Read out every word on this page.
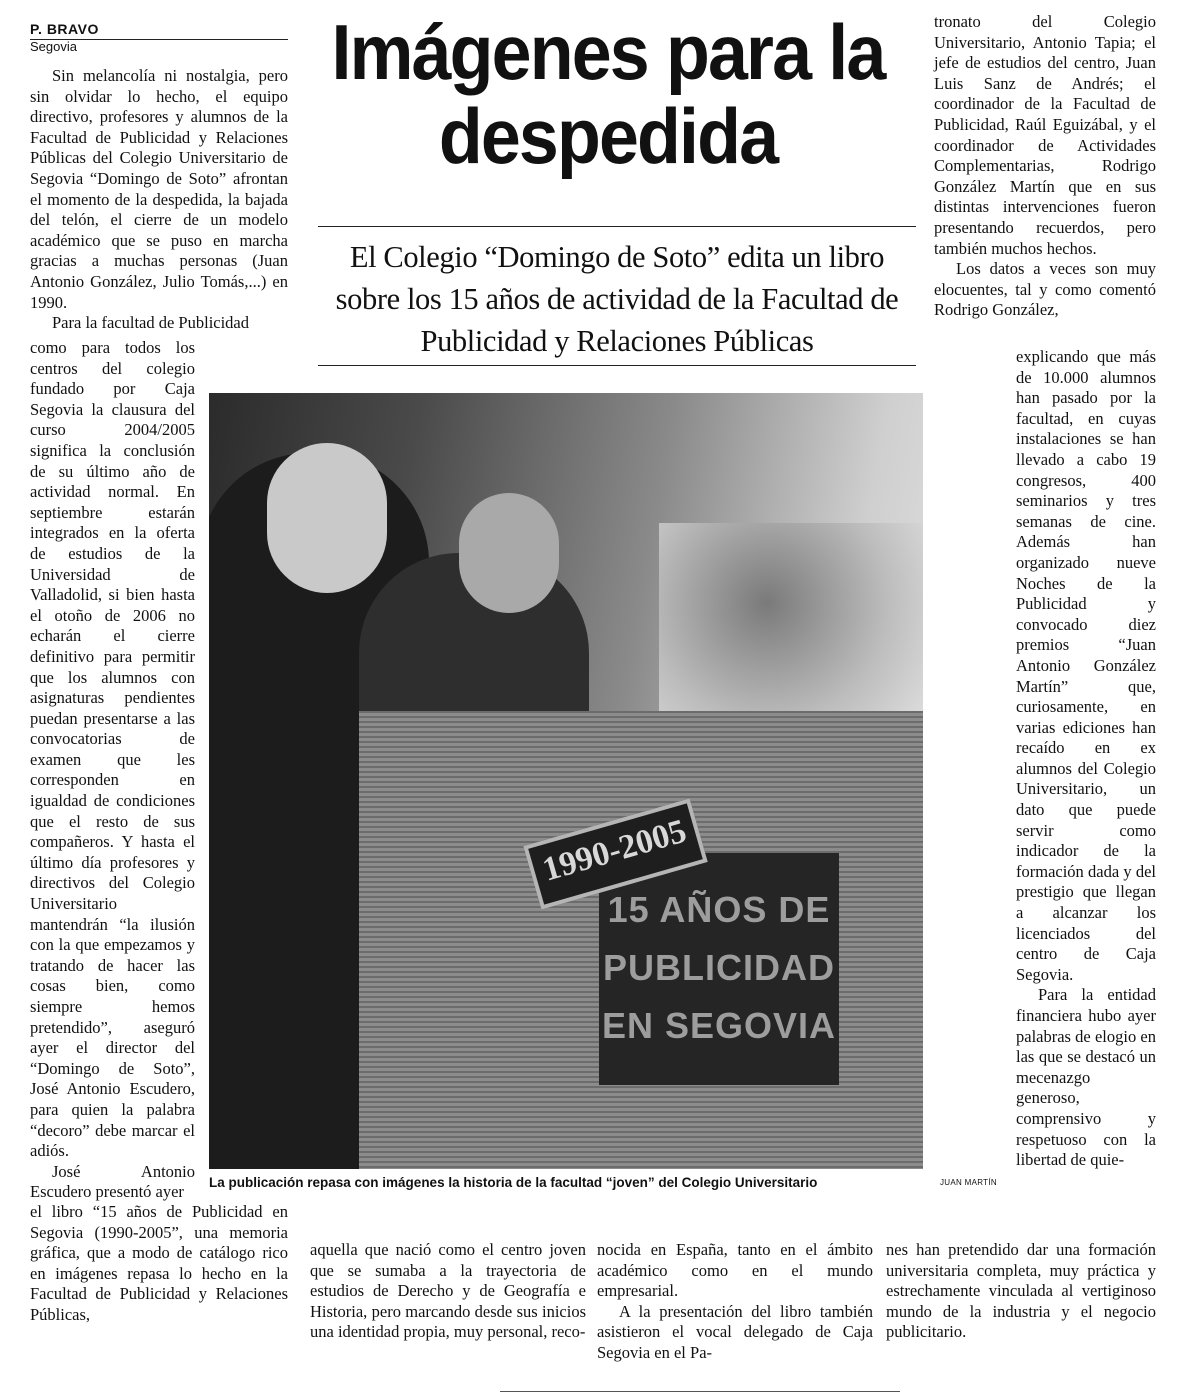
P. BRAVO
Segovia	Imágenes para la despedida

El Colegio “Domingo de Soto” edita un libro sobre los 15 años de actividad de la Facultad de Publicidad y Relaciones Públicas

Sin melancolía ni nostalgia, pero sin olvidar lo hecho, el equipo directivo, profesores y alumnos de la Facultad de Publicidad y Relaciones Públicas del Colegio Universitario de Segovia “Domingo de Soto” afrontan el momento de la despedida, la bajada del telón, el cierre de un modelo académico que se puso en marcha gracias a muchas personas (Juan Antonio González, Julio Tomás,...) en 1990.

Para la facultad de Publicidad

como para todos los centros del colegio fundado por Caja Segovia la clausura del curso 2004/2005 significa la conclusión de su último año de actividad normal. En septiembre estarán integrados en la oferta de estudios de la Universidad de Valladolid, si bien hasta el otoño de 2006 no echarán el cierre definitivo para permitir que los alumnos con asignaturas pendientes puedan presentarse a las convocatorias de examen que les corresponden en igualdad de condiciones que el resto de sus compañeros. Y hasta el último día profesores y directivos del Colegio Universitario mantendrán “la ilusión con la que empezamos y tratando de hacer las cosas bien, como siempre hemos pretendido”, aseguró ayer el director del “Domingo de Soto”, José Antonio Escudero, para quien la palabra “decoro” debe marcar el adiós.

José Antonio Escudero presentó ayer

el libro “15 años de Publicidad en Segovia (1990-2005”, una memoria gráfica, que a modo de catálogo rico en imágenes repasa lo hecho en la Facultad de Publicidad y Relaciones Públicas,

aquella que nació como el centro joven que se sumaba a la trayectoria de estudios de Derecho y de Geografía e Historia, pero marcando desde sus inicios una identidad propia, muy personal, reco-

nocida en España, tanto en el ámbito académico como en el mundo empresarial.

A la presentación del libro también asistieron el vocal delegado de Caja Segovia en el Pa-

tronato del Colegio Universitario, Antonio Tapia; el jefe de estudios del centro, Juan Luis Sanz de Andrés; el coordinador de la Facultad de Publicidad, Raúl Eguizábal, y el coordinador de Actividades Complementarias, Rodrigo González Martín que en sus distintas intervenciones fueron presentando recuerdos, pero también muchos hechos.

Los datos a veces son muy elocuentes, tal y como comentó Rodrigo González,

explicando que más de 10.000 alumnos han pasado por la facultad, en cuyas instalaciones se han llevado a cabo 19 congresos, 400 seminarios y tres semanas de cine. Además han organizado nueve Noches de la Publicidad y convocado diez premios “Juan Antonio González Martín” que, curiosamente, en varias ediciones han recaído en ex alumnos del Colegio Universitario, un dato que puede servir como indicador de la formación dada y del prestigio que llegan a alcanzar los licenciados del centro de Caja Segovia.

Para la entidad financiera hubo ayer palabras de elogio en las que se destacó un mecenazgo generoso, comprensivo y respetuoso con la libertad de quie-

nes han pretendido dar una formación universitaria completa, muy práctica y estrechamente vinculada al vertiginoso mundo de la industria y el negocio publicitario.

15 AÑOS DE
PUBLICIDAD
EN SEGOVIA
1990-2005
La publicación repasa con imágenes la historia de la facultad “joven” del Colegio Universitario	JUAN MARTÍN
